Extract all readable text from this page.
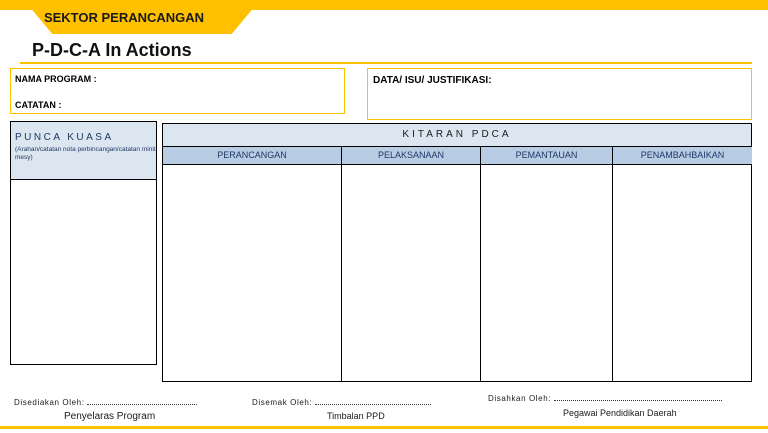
SEKTOR PERANCANGAN
P-D-C-A In Actions
NAMA PROGRAM :
CATATAN :
DATA/ ISU/ JUSTIFIKASI:
PUNCA KUASA
(Arahan/catatan nota perbincangan/catatan minit mesy)
KITARAN PDCA
PERANCANGAN	PELAKSANAAN	PEMANTAUAN	PENAMBAHBAIKAN
Disediakan Oleh:
Penyelaras Program
Disemak Oleh:
Timbalan PPD
Disahkan Oleh:
Pegawai Pendidikan Daerah
